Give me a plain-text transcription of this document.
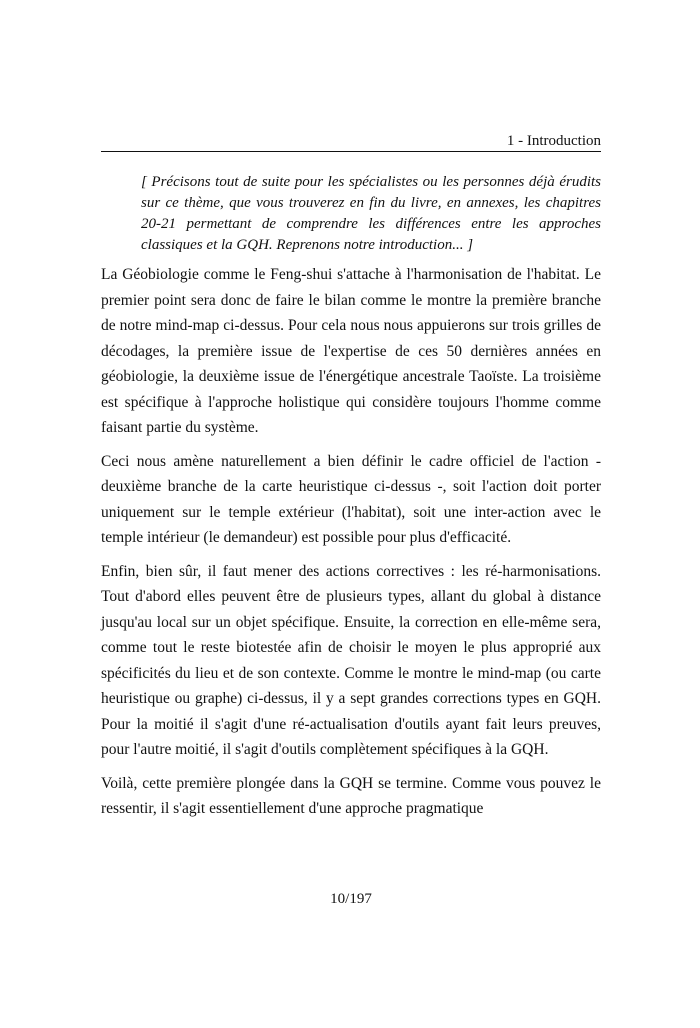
1 - Introduction

[ Précisons tout de suite pour les spécialistes ou les personnes déjà érudits sur ce thème, que vous trouverez en fin du livre, en annexes, les chapitres 20-21 permettant de comprendre les différences entre les approches classiques et la GQH. Reprenons notre introduction... ]

La Géobiologie comme le Feng-shui s'attache à l'harmonisation de l'habitat. Le premier point sera donc de faire le bilan comme le montre la première branche de notre mind-map ci-dessus. Pour cela nous nous appuierons sur trois grilles de décodages, la première issue de l'expertise de ces 50 dernières années en géobiologie, la deuxième issue de l'énergétique ancestrale Taoïste. La troisième est spécifique à l'approche holistique qui considère toujours l'homme comme faisant partie du système.

Ceci nous amène naturellement a bien définir le cadre officiel de l'action - deuxième branche de la carte heuristique ci-dessus -, soit l'action doit porter uniquement sur le temple extérieur (l'habitat), soit une inter-action avec le temple intérieur (le demandeur) est possible pour plus d'efficacité.

Enfin, bien sûr, il faut mener des actions correctives : les ré-harmonisations. Tout d'abord elles peuvent être de plusieurs types, allant du global à distance jusqu'au local sur un objet spécifique. Ensuite, la correction en elle-même sera, comme tout le reste biotestée afin de choisir le moyen le plus approprié aux spécificités du lieu et de son contexte. Comme le montre le mind-map (ou carte heuristique ou graphe) ci-dessus, il y a sept grandes corrections types en GQH. Pour la moitié il s'agit d'une ré-actualisation d'outils ayant fait leurs preuves, pour l'autre moitié, il s'agit d'outils complètement spécifiques à la GQH.

Voilà, cette première plongée dans la GQH se termine. Comme vous pouvez le ressentir, il s'agit essentiellement d'une approche pragmatique

10/197
